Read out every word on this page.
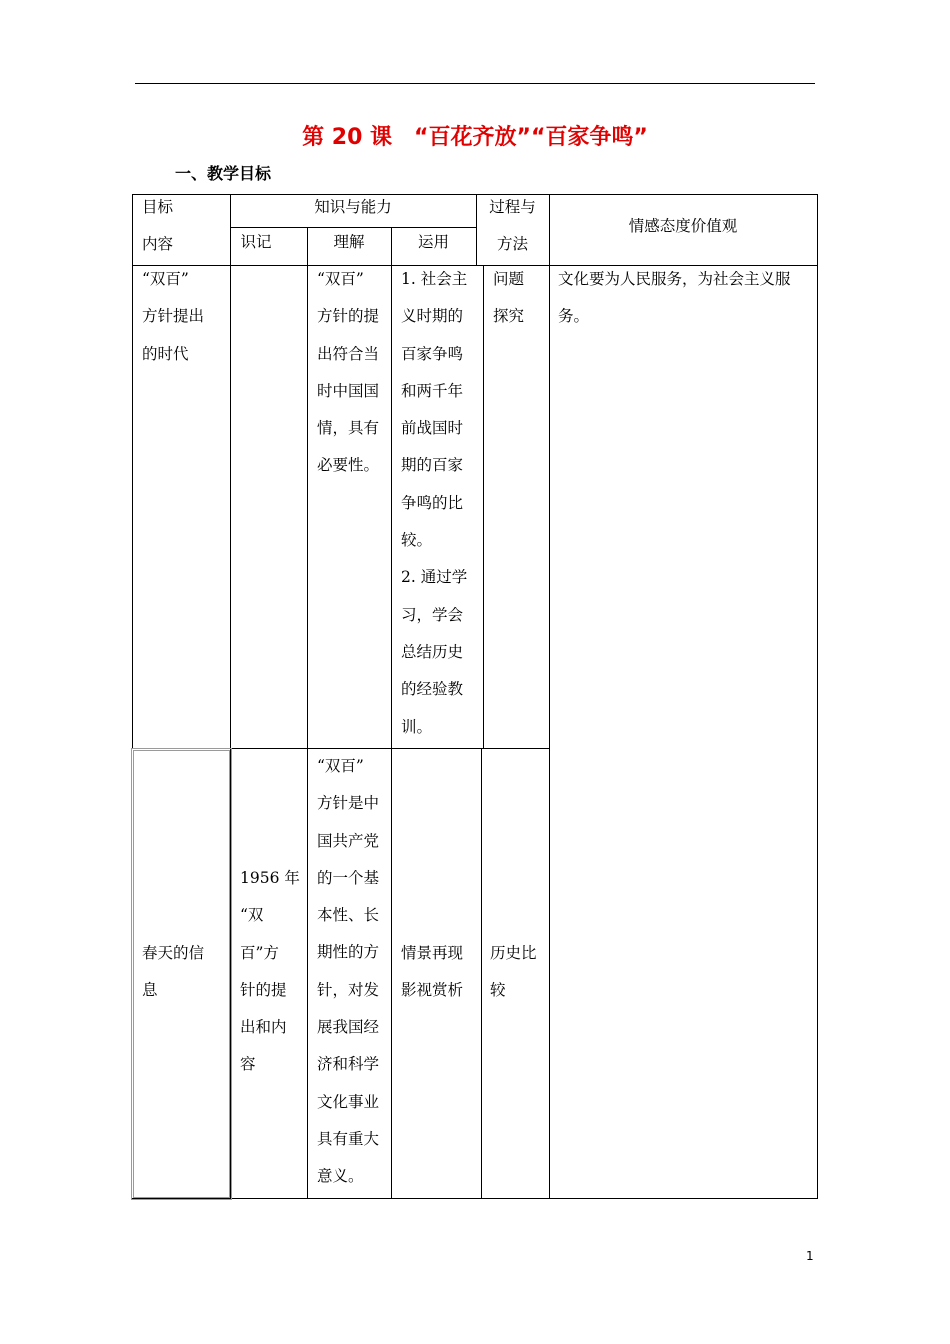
第 20 课　“百花齐放”“百家争鸣”
一、教学目标
目标
内容
知识与能力
识记	理解	运用
过程与
方法
情感态度价值观
“双百”
方针提出
的时代
“双百”
方针的提
出符合当
时中国国
情，具有
必要性。
1. 社会主
义时期的
百家争鸣
和两千年
前战国时
期的百家
争鸣的比
较。
2. 通过学
习，学会
总结历史
的经验教
训。
问题
探究
文化要为人民服务，为社会主义服
务。
春天的信
息
1956 年
“双
百”方
针的提
出和内
容
“双百”
方针是中
国共产党
的一个基
本性、长
期性的方
针，对发
展我国经
济和科学
文化事业
具有重大
意义。
情景再现
影视赏析
历史比
较
1
